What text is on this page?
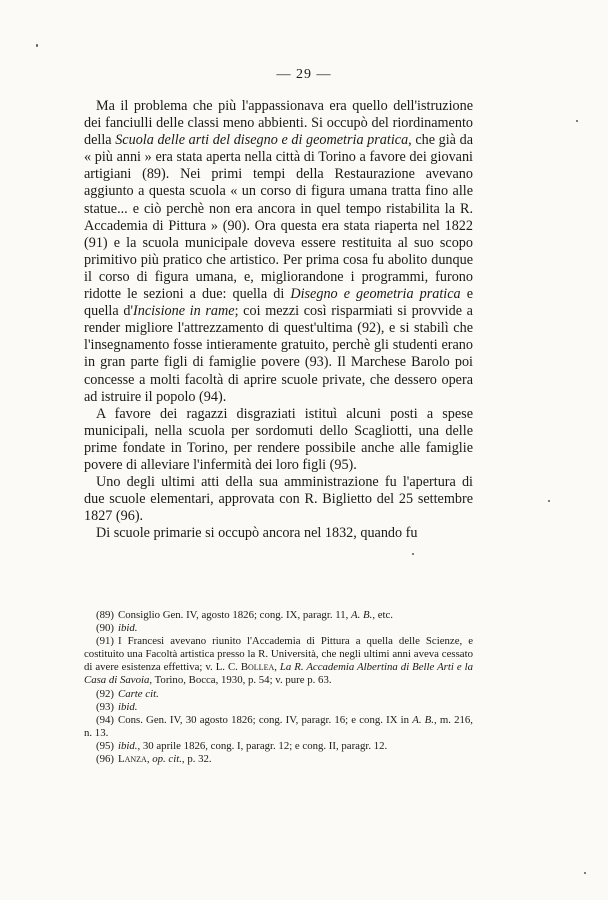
— 29 —

Ma il problema che più l'appassionava era quello dell'istruzione dei fanciulli delle classi meno abbienti. Si occupò del riordinamento della Scuola delle arti del disegno e di geometria pratica, che già da « più anni » era stata aperta nella città di Torino a favore dei giovani artigiani (89). Nei primi tempi della Restaurazione avevano aggiunto a questa scuola « un corso di figura umana tratta fino alle statue... e ciò perchè non era ancora in quel tempo ristabilita la R. Accademia di Pittura » (90). Ora questa era stata riaperta nel 1822 (91) e la scuola municipale doveva essere restituita al suo scopo primitivo più pratico che artistico. Per prima cosa fu abolito dunque il corso di figura umana, e, migliorandone i programmi, furono ridotte le sezioni a due: quella di Disegno e geometria pratica e quella d'Incisione in rame; coi mezzi così risparmiati si provvide a render migliore l'attrezzamento di quest'ultima (92), e si stabilì che l'insegnamento fosse intieramente gratuito, perchè gli studenti erano in gran parte figli di famiglie povere (93). Il Marchese Barolo poi concesse a molti facoltà di aprire scuole private, che dessero opera ad istruire il popolo (94).

A favore dei ragazzi disgraziati istituì alcuni posti a spese municipali, nella scuola per sordomuti dello Scagliotti, una delle prime fondate in Torino, per rendere possibile anche alle famiglie povere di alleviare l'infermità dei loro figli (95).

Uno degli ultimi atti della sua amministrazione fu l'apertura di due scuole elementari, approvata con R. Biglietto del 25 settembre 1827 (96).

Di scuole primarie si occupò ancora nel 1832, quando fu

(89) Consiglio Gen. IV, agosto 1826; cong. IX, paragr. 11, A. B., etc.

(90) ibid.

(91) I Francesi avevano riunito l'Accademia di Pittura a quella delle Scienze, e costituito una Facoltà artistica presso la R. Università, che negli ultimi anni aveva cessato di avere esistenza effettiva; v. L. C. Bollea, La R. Accademia Albertina di Belle Arti e la Casa di Savoia, Torino, Bocca, 1930, p. 54; v. pure p. 63.

(92) Carte cit.

(93) ibid.

(94) Cons. Gen. IV, 30 agosto 1826; cong. IV, paragr. 16; e cong. IX in A. B., m. 216, n. 13.

(95) ibid., 30 aprile 1826, cong. I, paragr. 12; e cong. II, paragr. 12.

(96) Lanza, op. cit., p. 32.
